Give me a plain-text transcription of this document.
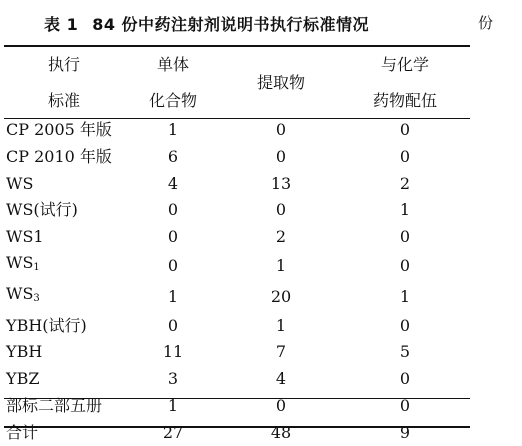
表 1 84 份中药注射剂说明书执行标准情况	份
执行	单体	提取物	与化学
标准	化合物		药物配伍
CP 2005 年版	1	0	0
CP 2010 年版	6	0	0
WS	4	13	2
WS(试行)	0	0	1
WS1	0	2	0
$WS_1$	0	1	0
$WS_3$	1	20	1
YBH(试行)	0	1	0
YBH	11	7	5
YBZ	3	4	0
部标二部五册	1	0	0
合计	27	48	9
